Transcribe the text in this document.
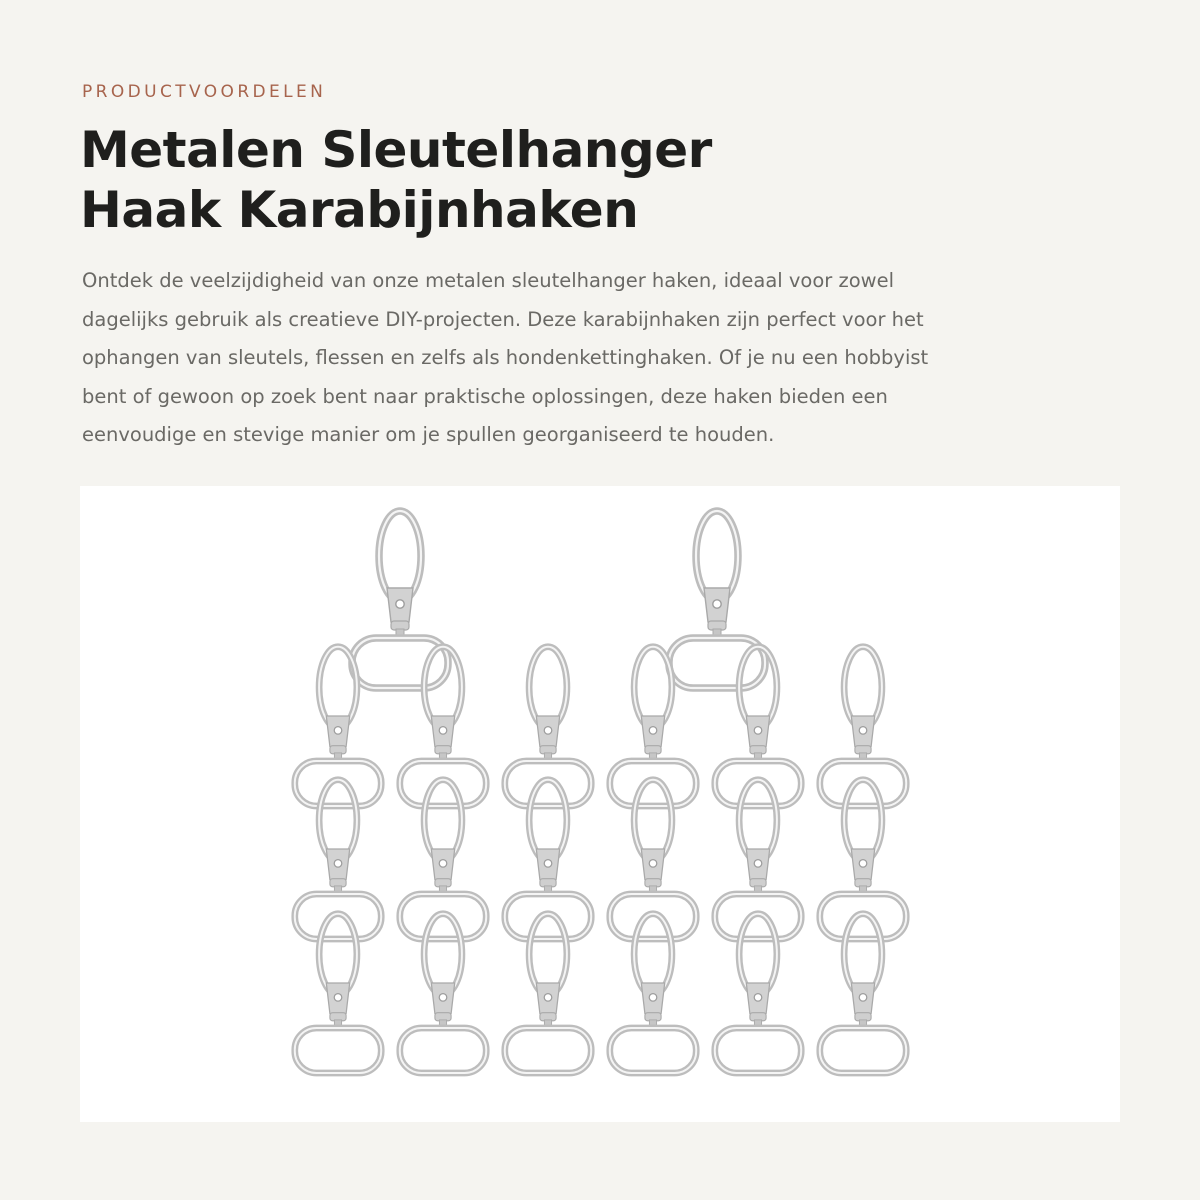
PRODUCTVOORDELEN
Metalen Sleutelhanger
Haak Karabijnhaken

Ontdek de veelzijdigheid van onze metalen sleutelhanger haken, ideaal voor zowel
dagelijks gebruik als creatieve DIY-projecten. Deze karabijnhaken zijn perfect voor het
ophangen van sleutels, flessen en zelfs als hondenkettinghaken. Of je nu een hobbyist
bent of gewoon op zoek bent naar praktische oplossingen, deze haken bieden een
eenvoudige en stevige manier om je spullen georganiseerd te houden.
